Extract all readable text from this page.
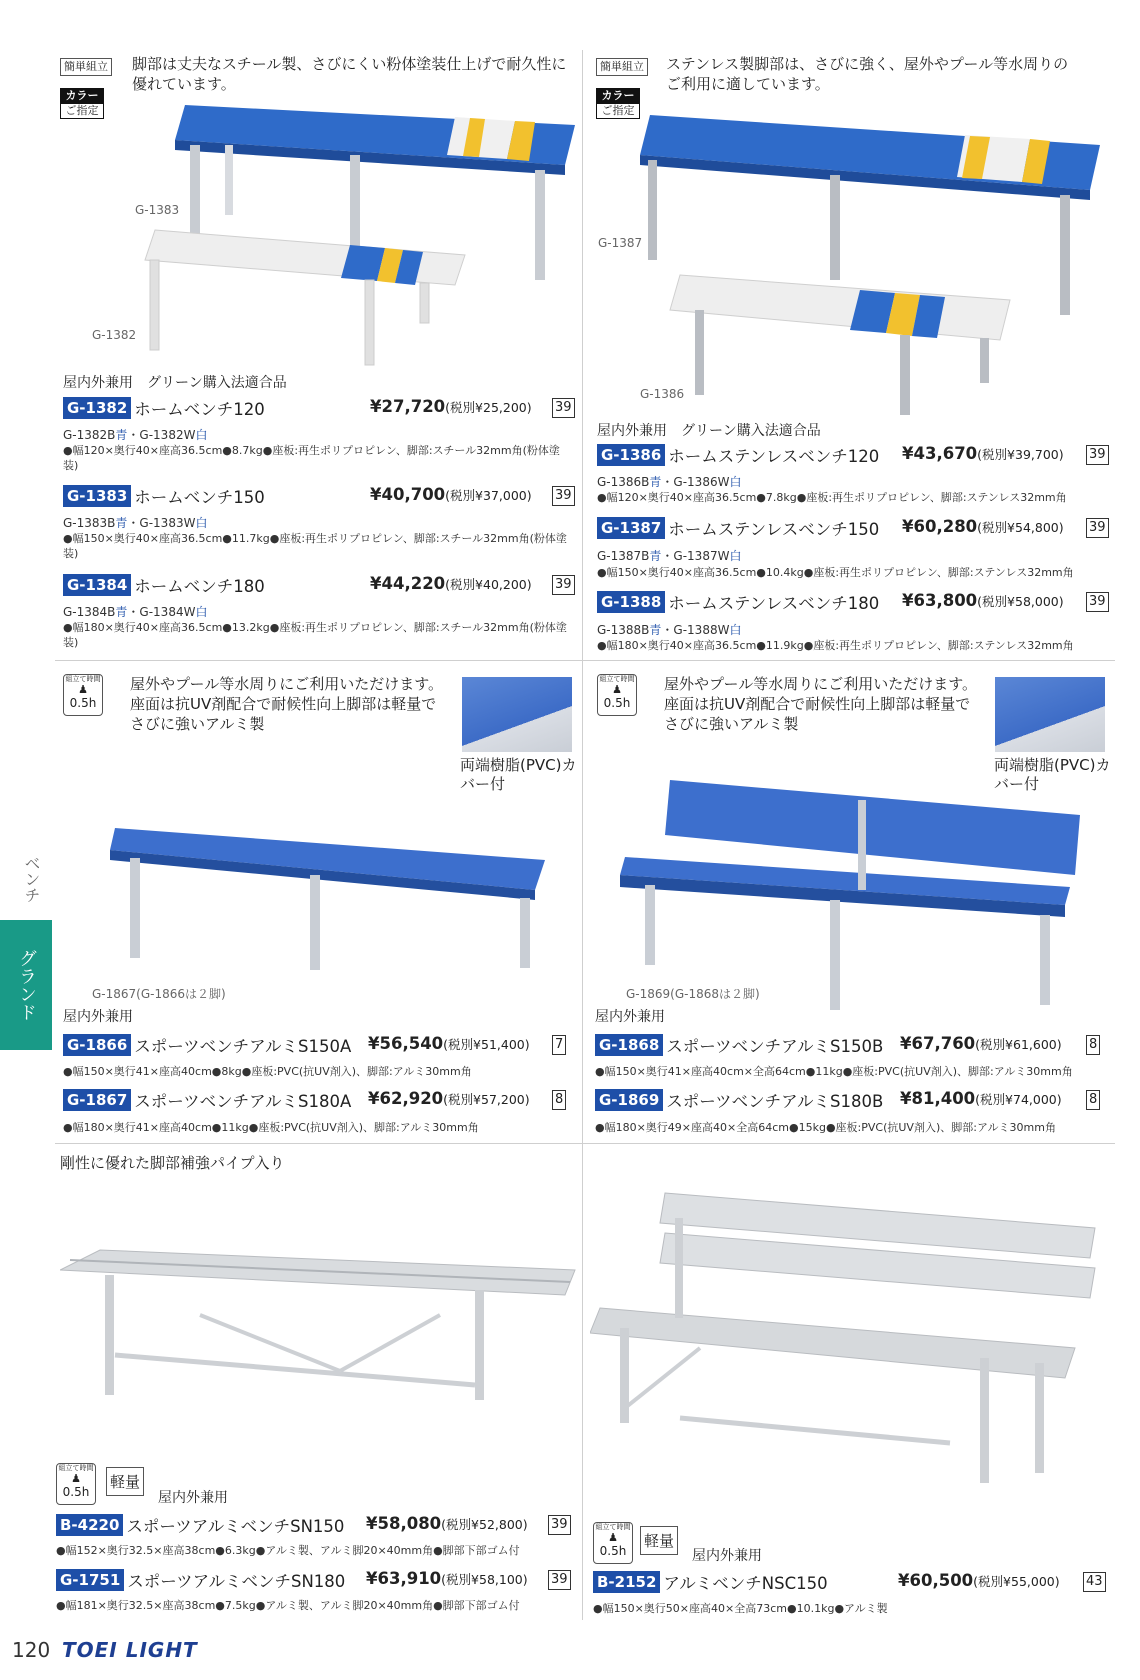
簡単組立
カラー
ご指定
脚部は丈夫なスチール製、さびにくい粉体塗装仕上げで耐久性に優れています。
G-1383
G-1382
屋内外兼用　グリーン購入法適合品
G-1382 ホームベンチ120	¥27,720(税別¥25,200) 39
G-1382B青・G-1382W白
●幅120×奥行40×座高36.5cm●8.7kg●座板:再生ポリプロピレン、脚部:スチール32mm角(粉体塗装)
G-1383 ホームベンチ150	¥40,700(税別¥37,000) 39
G-1383B青・G-1383W白
●幅150×奥行40×座高36.5cm●11.7kg●座板:再生ポリプロピレン、脚部:スチール32mm角(粉体塗装)
G-1384 ホームベンチ180	¥44,220(税別¥40,200) 39
G-1384B青・G-1384W白
●幅180×奥行40×座高36.5cm●13.2kg●座板:再生ポリプロピレン、脚部:スチール32mm角(粉体塗装)
簡単組立
カラー
ご指定
ステンレス製脚部は、さびに強く、屋外やプール等水周りのご利用に適しています。
G-1387
G-1386
屋内外兼用　グリーン購入法適合品
G-1386 ホームステンレスベンチ120 ¥43,670(税別¥39,700) 39
G-1386B青・G-1386W白
●幅120×奥行40×座高36.5cm●7.8kg●座板:再生ポリプロピレン、脚部:ステンレス32mm角
G-1387 ホームステンレスベンチ150 ¥60,280(税別¥54,800) 39
G-1387B青・G-1387W白
●幅150×奥行40×座高36.5cm●10.4kg●座板:再生ポリプロピレン、脚部:ステンレス32mm角
G-1388 ホームステンレスベンチ180 ¥63,800(税別¥58,000) 39
G-1388B青・G-1388W白
●幅180×奥行40×座高36.5cm●11.9kg●座板:再生ポリプロピレン、脚部:ステンレス32mm角
組立て時間
♟
0.5h
屋外やプール等水周りにご利用いただけます。座面は抗UV剤配合で耐候性向上脚部は軽量でさびに強いアルミ製
両端樹脂(PVC)カバー付
G-1867(G-1866は２脚)
屋内外兼用
G-1866 スポーツベンチアルミS150A ¥56,540(税別¥51,400) 7
●幅150×奥行41×座高40cm●8kg●座板:PVC(抗UV剤入)、脚部:アルミ30mm角
G-1867 スポーツベンチアルミS180A ¥62,920(税別¥57,200) 8
●幅180×奥行41×座高40cm●11kg●座板:PVC(抗UV剤入)、脚部:アルミ30mm角
組立て時間
♟
0.5h
屋外やプール等水周りにご利用いただけます。座面は抗UV剤配合で耐候性向上脚部は軽量でさびに強いアルミ製
両端樹脂(PVC)カバー付
G-1869(G-1868は２脚)
屋内外兼用
G-1868 スポーツベンチアルミS150B ¥67,760(税別¥61,600) 8
●幅150×奥行41×座高40cm×全高64cm●11kg●座板:PVC(抗UV剤入)、脚部:アルミ30mm角
G-1869 スポーツベンチアルミS180B ¥81,400(税別¥74,000) 8
●幅180×奥行49×座高40×全高64cm●15kg●座板:PVC(抗UV剤入)、脚部:アルミ30mm角
剛性に優れた脚部補強パイプ入り
組立て時間
♟
0.5h
軽量
屋内外兼用
B-4220 スポーツアルミベンチSN150 ¥58,080(税別¥52,800) 39
●幅152×奥行32.5×座高38cm●6.3kg●アルミ製、アルミ脚20×40mm角●脚部下部ゴム付
G-1751 スポーツアルミベンチSN180 ¥63,910(税別¥58,100) 39
●幅181×奥行32.5×座高38cm●7.5kg●アルミ製、アルミ脚20×40mm角●脚部下部ゴム付
組立て時間
♟
0.5h
軽量
屋内外兼用
B-2152 アルミベンチNSC150	¥60,500(税別¥55,000) 43
●幅150×奥行50×座高40×全高73cm●10.1kg●アルミ製
ベンチ
グランド
120 TOEI LIGHT
